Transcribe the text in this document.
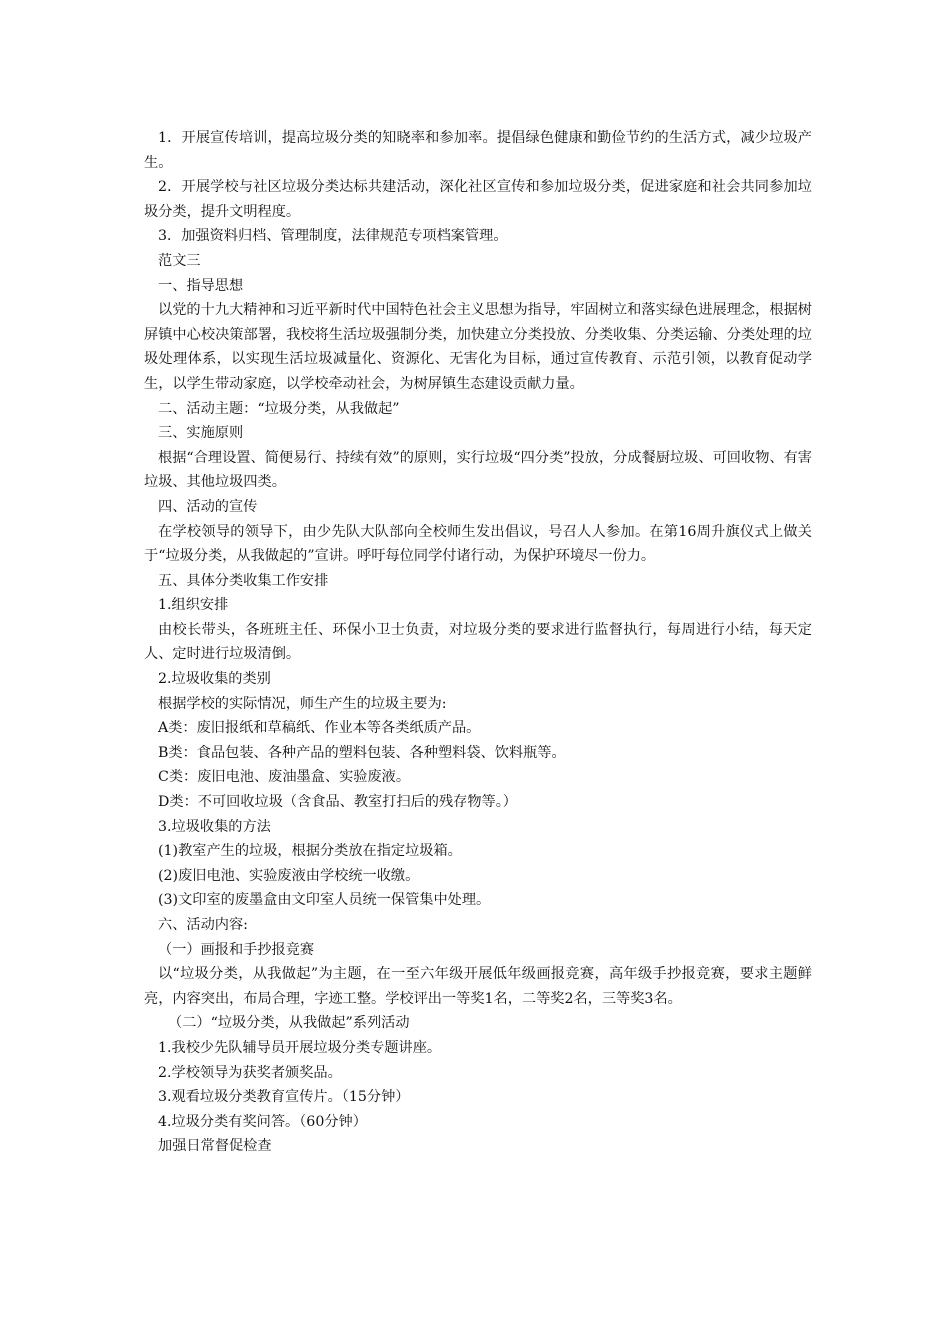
1．开展宣传培训，提高垃圾分类的知晓率和参加率。提倡绿色健康和勤俭节约的生活方式，减少垃圾产生。

2．开展学校与社区垃圾分类达标共建活动，深化社区宣传和参加垃圾分类，促进家庭和社会共同参加垃圾分类，提升文明程度。

3．加强资料归档、管理制度，法律规范专项档案管理。

范文三

一、指导思想

以党的十九大精神和习近平新时代中国特色社会主义思想为指导，牢固树立和落实绿色进展理念，根据树屏镇中心校决策部署，我校将生活垃圾强制分类，加快建立分类投放、分类收集、分类运输、分类处理的垃圾处理体系，以实现生活垃圾减量化、资源化、无害化为目标，通过宣传教育、示范引领，以教育促动学生，以学生带动家庭，以学校牵动社会，为树屏镇生态建设贡献力量。

二、活动主题：“垃圾分类，从我做起”

三、实施原则

根据“合理设置、简便易行、持续有效”的原则，实行垃圾“四分类”投放，分成餐厨垃圾、可回收物、有害垃圾、其他垃圾四类。

四、活动的宣传

在学校领导的领导下，由少先队大队部向全校师生发出倡议，号召人人参加。在第16周升旗仪式上做关于“垃圾分类，从我做起的”宣讲。呼吁每位同学付诸行动，为保护环境尽一份力。

五、具体分类收集工作安排

1.组织安排

由校长带头，各班班主任、环保小卫士负责，对垃圾分类的要求进行监督执行，每周进行小结，每天定人、定时进行垃圾清倒。

2.垃圾收集的类别

根据学校的实际情况，师生产生的垃圾主要为:

A类：废旧报纸和草稿纸、作业本等各类纸质产品。

B类：食品包装、各种产品的塑料包装、各种塑料袋、饮料瓶等。

C类：废旧电池、废油墨盒、实验废液。

D类：不可回收垃圾（含食品、教室打扫后的残存物等。）

3.垃圾收集的方法

(1)教室产生的垃圾，根据分类放在指定垃圾箱。

(2)废旧电池、实验废液由学校统一收缴。

(3)文印室的废墨盒由文印室人员统一保管集中处理。

六、活动内容:

（一）画报和手抄报竞赛

以“垃圾分类，从我做起”为主题，在一至六年级开展低年级画报竞赛，高年级手抄报竞赛，要求主题鲜亮，内容突出，布局合理，字迹工整。学校评出一等奖1名，二等奖2名，三等奖3名。

（二）“垃圾分类，从我做起”系列活动

1.我校少先队辅导员开展垃圾分类专题讲座。

2.学校领导为获奖者颁奖品。

3.观看垃圾分类教育宣传片。（15分钟）

4.垃圾分类有奖问答。（60分钟）

加强日常督促检查
